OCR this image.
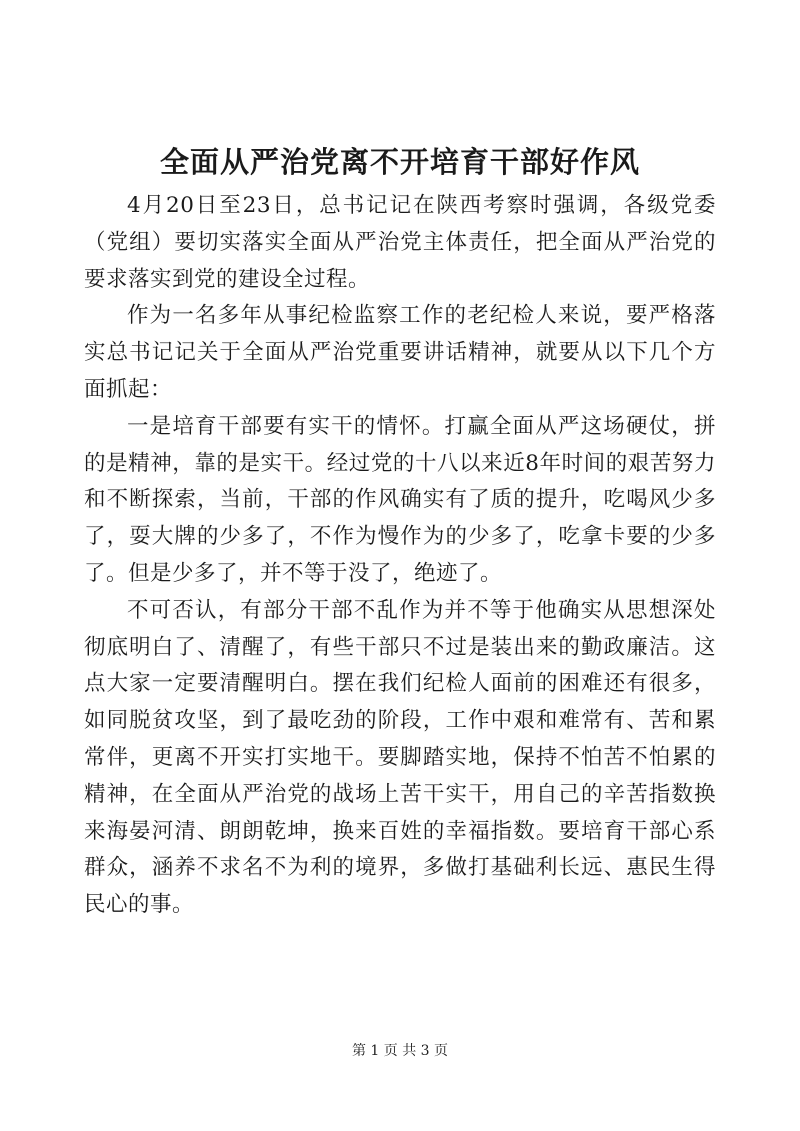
全面从严治党离不开培育干部好作风

4月20日至23日，总书记记在陕西考察时强调，各级党委（党组）要切实落实全面从严治党主体责任，把全面从严治党的要求落实到党的建设全过程。

作为一名多年从事纪检监察工作的老纪检人来说，要严格落实总书记记关于全面从严治党重要讲话精神，就要从以下几个方面抓起：

一是培育干部要有实干的情怀。打赢全面从严这场硬仗，拼的是精神，靠的是实干。经过党的十八以来近8年时间的艰苦努力和不断探索，当前，干部的作风确实有了质的提升，吃喝风少多了，耍大牌的少多了，不作为慢作为的少多了，吃拿卡要的少多了。但是少多了，并不等于没了，绝迹了。

不可否认，有部分干部不乱作为并不等于他确实从思想深处彻底明白了、清醒了，有些干部只不过是装出来的勤政廉洁。这点大家一定要清醒明白。摆在我们纪检人面前的困难还有很多，如同脱贫攻坚，到了最吃劲的阶段，工作中艰和难常有、苦和累常伴，更离不开实打实地干。要脚踏实地，保持不怕苦不怕累的精神，在全面从严治党的战场上苦干实干，用自己的辛苦指数换来海晏河清、朗朗乾坤，换来百姓的幸福指数。要培育干部心系群众，涵养不求名不为利的境界，多做打基础利长远、惠民生得民心的事。

第 1 页 共 3 页
